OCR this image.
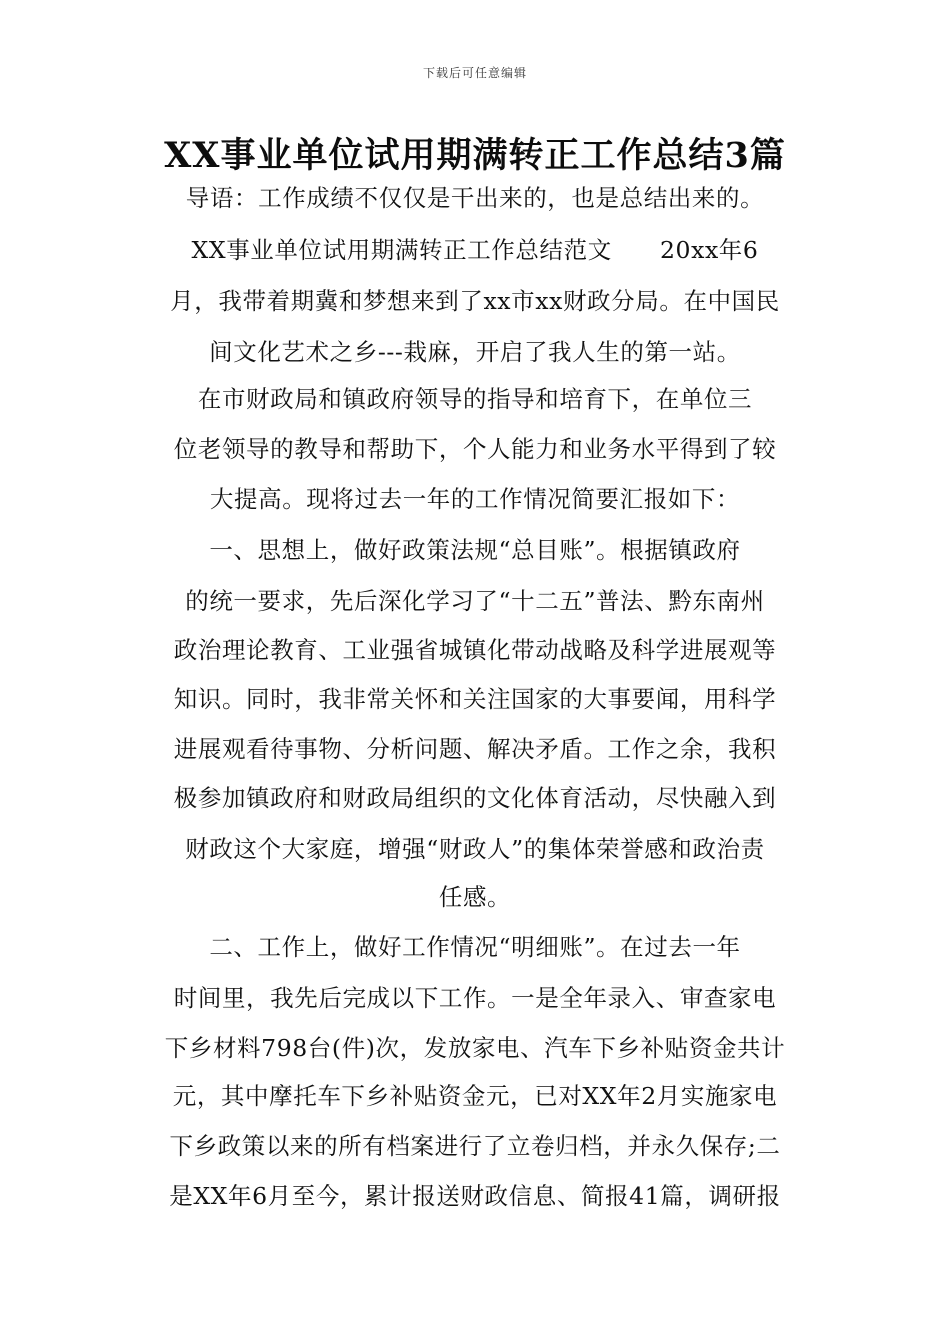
下载后可任意编辑
XX事业单位试用期满转正工作总结3篇
导语：工作成绩不仅仅是干出来的，也是总结出来的。
XX事业单位试用期满转正工作总结范文　　20xx年6
月，我带着期冀和梦想来到了xx市xx财政分局。在中国民
间文化艺术之乡---栽麻，开启了我人生的第一站。
在市财政局和镇政府领导的指导和培育下，在单位三
位老领导的教导和帮助下，个人能力和业务水平得到了较
大提高。现将过去一年的工作情况简要汇报如下：
一、思想上，做好政策法规“总目账”。根据镇政府
的统一要求，先后深化学习了“十二五”普法、黔东南州
政治理论教育、工业强省城镇化带动战略及科学进展观等
知识。同时，我非常关怀和关注国家的大事要闻，用科学
进展观看待事物、分析问题、解决矛盾。工作之余，我积
极参加镇政府和财政局组织的文化体育活动，尽快融入到
财政这个大家庭，增强“财政人”的集体荣誉感和政治责
任感。
二、工作上，做好工作情况“明细账”。在过去一年
时间里，我先后完成以下工作。一是全年录入、审查家电
下乡材料798台(件)次，发放家电、汽车下乡补贴资金共计
元，其中摩托车下乡补贴资金元，已对XX年2月实施家电
下乡政策以来的所有档案进行了立卷归档，并永久保存;二
是XX年6月至今，累计报送财政信息、简报41篇，调研报
